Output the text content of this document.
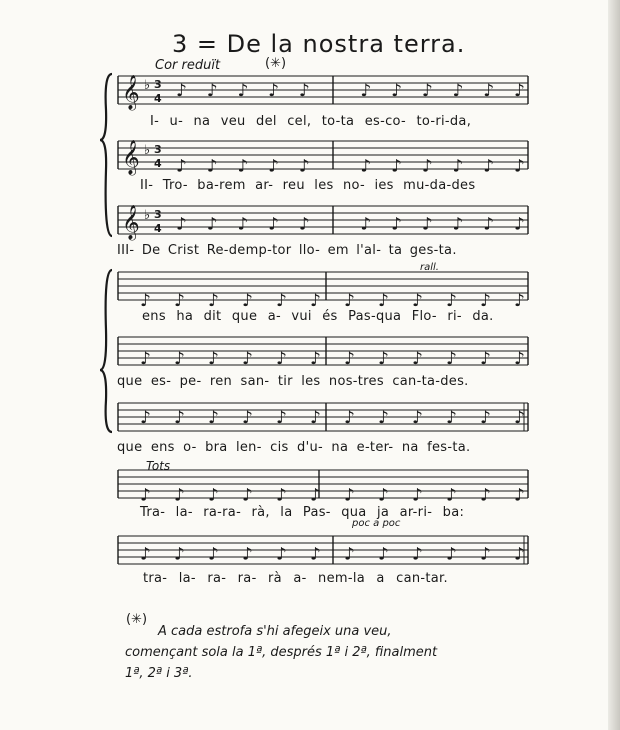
3 = De la nostra terra.
Cor reduït	(✳)
𝄞 ♭ 3
4 ♪ ♪ ♪ ♪ ♪	♪ ♪ ♪ ♪ ♪ ♪
𝄞 ♭ 3
4 ♪ ♪ ♪ ♪ ♪	♪ ♪ ♪ ♪ ♪ ♪
𝄞 ♭ 3
4 ♪ ♪ ♪ ♪ ♪	♪ ♪ ♪ ♪ ♪ ♪
♪ ♪ ♪ ♪ ♪ ♪ ♪ ♪ ♪ ♪ ♪ ♪
♪ ♪ ♪ ♪ ♪ ♪ ♪ ♪ ♪ ♪ ♪ ♪
♪ ♪ ♪ ♪ ♪ ♪ ♪ ♪ ♪ ♪ ♪ ♪
♪ ♪ ♪ ♪ ♪ ♪ ♪ ♪ ♪ ♪ ♪ ♪
♪ ♪ ♪ ♪ ♪ ♪ ♪ ♪ ♪ ♪ ♪ ♪
I- u- na veu del cel, to-ta es-co- to-ri-da,
II- Tro- ba-rem ar- reu les no- ies mu-da-des
III- De Crist Re-demp-tor llo- em l'al- ta ges-ta.
ens ha dit que a- vui és Pas-qua Flo- ri- da.
que es- pe- ren san- tir les nos-tres can-ta-des.
que ens o- bra len- cis d'u- na e-ter- na fes-ta.
Tra- la- ra-ra- rà, la Pas- qua ja ar-ri- ba:
tra- la- ra- ra- rà a- nem-la a can-tar.
rall.
Tots
poc a poc
(✳)
A cada estrofa s'hi afegeix una veu,
començant sola la 1ª, després 1ª i 2ª, finalment
1ª, 2ª i 3ª.
